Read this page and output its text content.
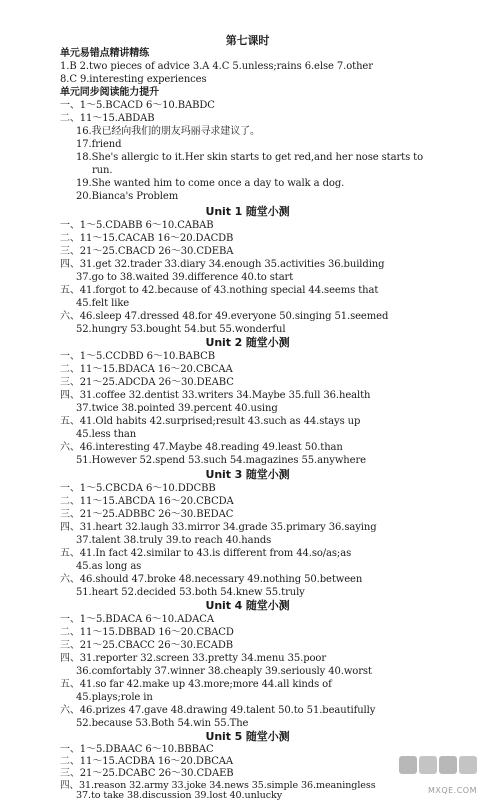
第七课时
单元易错点精讲精练
1.B 2.two pieces of advice 3.A 4.C 5.unless;rains 6.else 7.other
8.C 9.interesting experiences
单元同步阅读能力提升
一、1～5.BCACD 6～10.BABDC
二、11～15.ABDAB
16.我已经向我们的朋友玛丽寻求建议了。
17.friend
18.She's allergic to it.Her skin starts to get red,and her nose starts to
run.
19.She wanted him to come once a day to walk a dog.
20.Bianca's Problem
Unit 1 随堂小测
一、1～5.CDABB 6～10.CABAB
二、11～15.CACAB 16～20.DACDB
三、21～25.CBACD 26～30.CDEBA
四、31.get 32.trader 33.diary 34.enough 35.activities 36.building
37.go to 38.waited 39.difference 40.to start
五、41.forgot to 42.because of 43.nothing special 44.seems that
45.felt like
六、46.sleep 47.dressed 48.for 49.everyone 50.singing 51.seemed
52.hungry 53.bought 54.but 55.wonderful
Unit 2 随堂小测
一、1～5.CCDBD 6～10.BABCB
二、11～15.BDACA 16～20.CBCAA
三、21～25.ADCDA 26～30.DEABC
四、31.coffee 32.dentist 33.writers 34.Maybe 35.full 36.health
37.twice 38.pointed 39.percent 40.using
五、41.Old habits 42.surprised;result 43.such as 44.stays up
45.less than
六、46.interesting 47.Maybe 48.reading 49.least 50.than
51.However 52.spend 53.such 54.magazines 55.anywhere
Unit 3 随堂小测
一、1～5.CBCDA 6～10.DDCBB
二、11～15.ABCDA 16～20.CBCDA
三、21～25.ADBBC 26～30.BEDAC
四、31.heart 32.laugh 33.mirror 34.grade 35.primary 36.saying
37.talent 38.truly 39.to reach 40.hands
五、41.In fact 42.similar to 43.is different from 44.so/as;as
45.as long as
六、46.should 47.broke 48.necessary 49.nothing 50.between
51.heart 52.decided 53.both 54.knew 55.truly
Unit 4 随堂小测
一、1～5.BDACA 6～10.ADACA
二、11～15.DBBAD 16～20.CBACD
三、21～25.CBACC 26～30.ECADB
四、31.reporter 32.screen 33.pretty 34.menu 35.poor
36.comfortably 37.winner 38.cheaply 39.seriously 40.worst
五、41.so far 42.make up 43.more;more 44.all kinds of
45.plays;role in
六、46.prizes 47.gave 48.drawing 49.talent 50.to 51.beautifully
52.because 53.Both 54.win 55.The
Unit 5 随堂小测
一、1～5.DBAAC 6～10.BBBAC
二、11～15.ACDBA 16～20.DBCAA
三、21～25.DCABC 26～30.CDAEB
四、31.reason 32.army 33.joke 34.news 35.simple 36.meaningless
37.to take 38.discussion 39.lost 40.unlucky	MXQE.COM
